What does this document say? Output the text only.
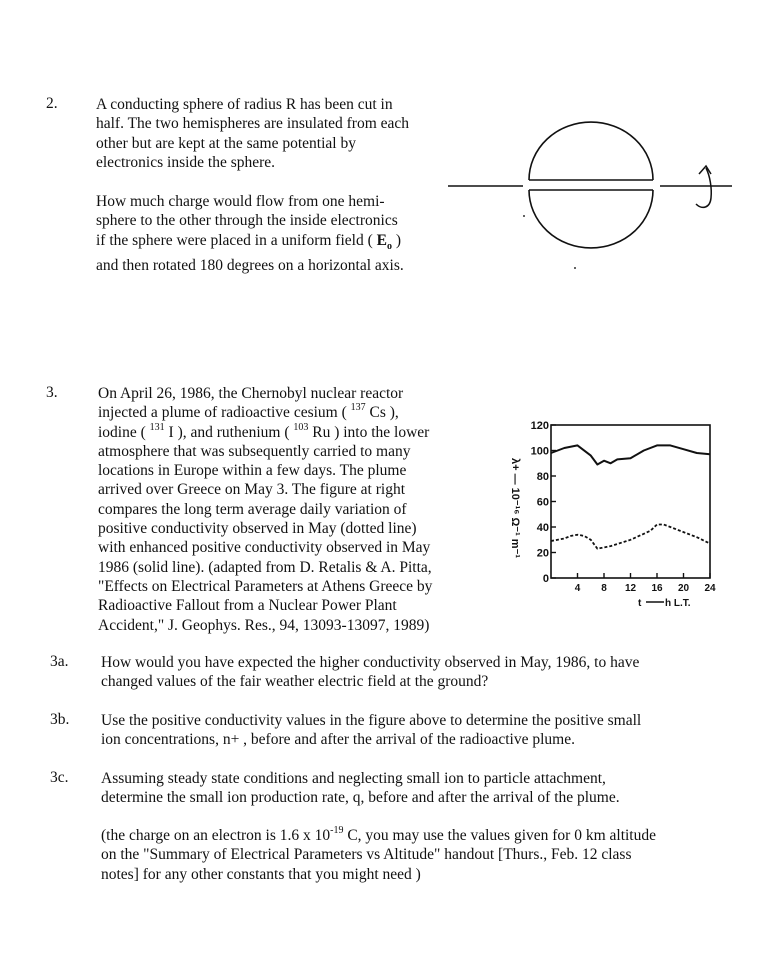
2. A conducting sphere of radius R has been cut in
half. The two hemispheres are insulated from each
other but are kept at the same potential by
electronics inside the sphere.
How much charge would flow from one hemi-
sphere to the other through the inside electronics
if the sphere were placed in a uniform field ( $E_o$ )
and then rotated 180 degrees on a horizontal axis.
3.	On April 26, 1986, the Chernobyl nuclear reactor
injected a plume of radioactive cesium ( $^{137}$ Cs ),
iodine ( $^{131}$ I ), and ruthenium ( $^{103}$ Ru ) into the lower
atmosphere that was subsequently carried to many
locations in Europe within a few days. The plume
arrived over Greece on May 3. The figure at right
compares the long term average daily variation of
positive conductivity observed in May (dotted line)
with enhanced positive conductivity observed in May
1986 (solid line). (adapted from D. Retalis & A. Pitta,
"Effects on Electrical Parameters at Athens Greece by
Radioactive Fallout from a Nuclear Power Plant
Accident," J. Geophys. Res., 94, 13093-13097, 1989)
0
20
40
60
80
100
120
4 8 12 16 20 24
λ+ — 10⁻¹⁶ Ω⁻¹ m⁻¹
t h L.T.
3a. How would you have expected the higher conductivity observed in May, 1986, to have
changed values of the fair weather electric field at the ground?
3b. Use the positive conductivity values in the figure above to determine the positive small
ion concentrations, n+ , before and after the arrival of the radioactive plume.
3c. Assuming steady state conditions and neglecting small ion to particle attachment,
determine the small ion production rate, q, before and after the arrival of the plume.
(the charge on an electron is 1.6 x $10^{-19}$ C, you may use the values given for 0 km altitude
on the "Summary of Electrical Parameters vs Altitude" handout [Thurs., Feb. 12 class
notes] for any other constants that you might need )
